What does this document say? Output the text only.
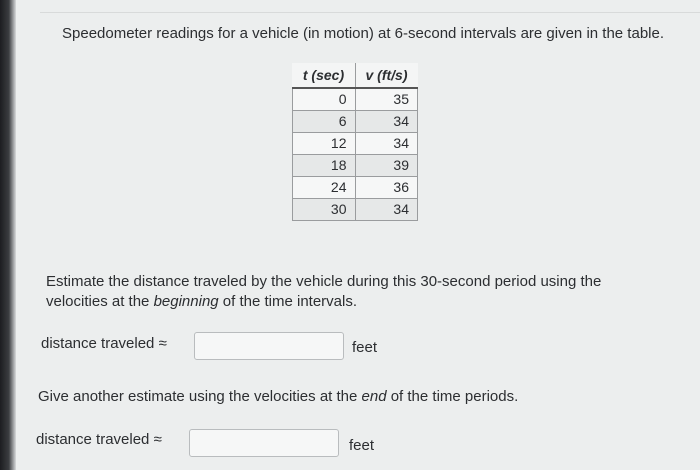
Speedometer readings for a vehicle (in motion) at 6-second intervals are given in the table.

t (sec)	v (ft/s)
0	35
6	34
12	34
18	39
24	36
30	34

Estimate the distance traveled by the vehicle during this 30-second period using the velocities at the beginning of the time intervals.

distance traveled ≈	feet

Give another estimate using the velocities at the end of the time periods.

distance traveled ≈	feet
